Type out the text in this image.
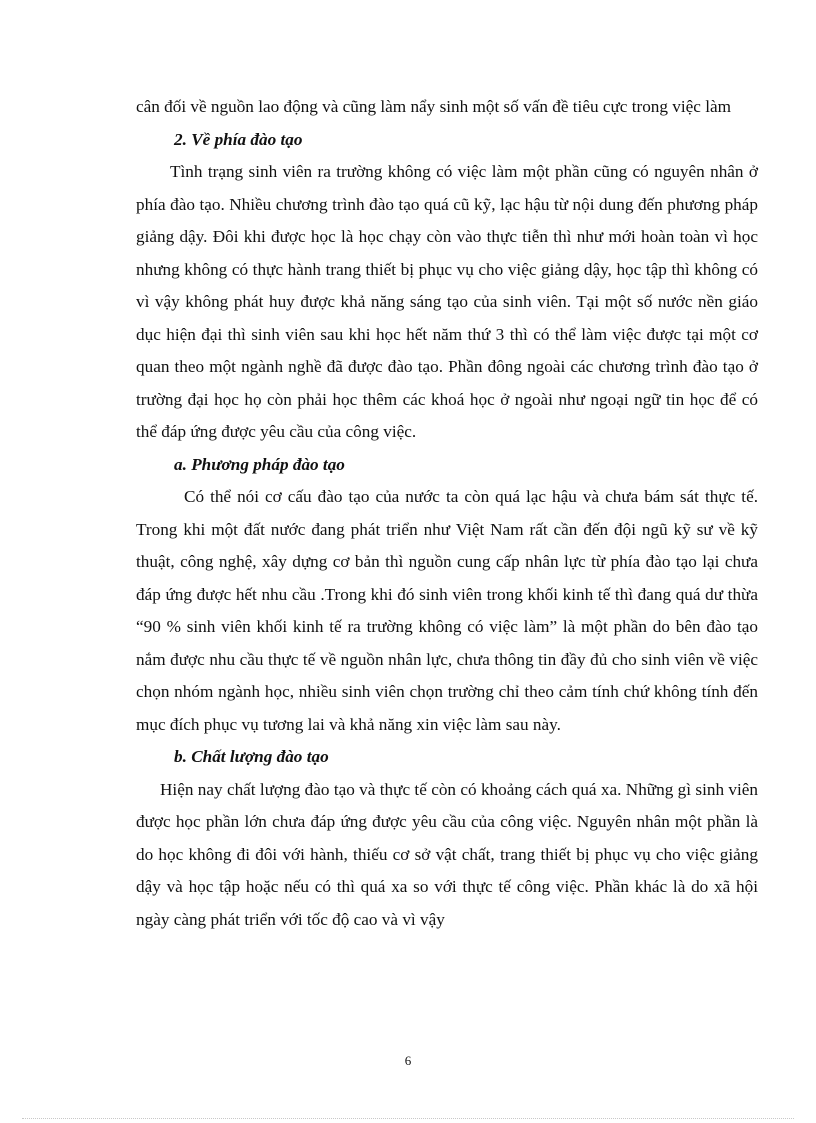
cân đối về nguồn lao động và cũng làm nẩy sinh một số vấn đề tiêu cực trong việc làm

2. Về phía đào tạo

Tình trạng sinh viên ra trường không có việc làm một phần cũng có nguyên nhân ở phía đào tạo. Nhiều chương trình đào tạo quá cũ kỹ, lạc hậu từ nội dung đến phương pháp giảng dậy. Đôi khi được học là học chạy còn vào thực tiễn thì như mới hoàn toàn vì học nhưng không có thực hành trang thiết bị phục vụ cho việc giảng dậy, học tập thì không có vì vậy không phát huy được khả năng sáng tạo của sinh viên. Tại một số nước nền giáo dục hiện đại thì sinh viên sau khi học hết năm thứ 3 thì có thể làm việc được tại một cơ quan theo một ngành nghề đã được đào tạo. Phần đông ngoài các chương trình đào tạo ở trường đại học họ còn phải học thêm các khoá học ở ngoài như ngoại ngữ tin học để có thể đáp ứng được yêu cầu của công việc.

a. Phương pháp đào tạo

Có thể nói cơ cấu đào tạo của nước ta còn quá lạc hậu và chưa bám sát thực tế. Trong khi một đất nước đang phát triển như Việt Nam rất cần đến đội ngũ kỹ sư về kỹ thuật, công nghệ, xây dựng cơ bản thì nguồn cung cấp nhân lực từ phía đào tạo lại chưa đáp ứng được hết nhu cầu .Trong khi đó sinh viên trong khối kinh tế thì đang quá dư thừa “90 % sinh viên khối kinh tế ra trường không có việc làm” là một phần do bên đào tạo nắm được nhu cầu thực tế về nguồn nhân lực, chưa thông tin đầy đủ cho sinh viên về việc chọn nhóm ngành học, nhiều sinh viên chọn trường chỉ theo cảm tính chứ không tính đến mục đích phục vụ tương lai và khả năng xin việc làm sau này.

b. Chất lượng đào tạo

Hiện nay chất lượng đào tạo và thực tế còn có khoảng cách quá xa. Những gì sinh viên được học phần lớn chưa đáp ứng được yêu cầu của công việc. Nguyên nhân một phần là do học không đi đôi với hành, thiếu cơ sở vật chất, trang thiết bị phục vụ cho việc giảng dậy và học tập hoặc nếu có thì quá xa so với thực tế công việc. Phần khác là do xã hội ngày càng phát triển với tốc độ cao và vì vậy

6
